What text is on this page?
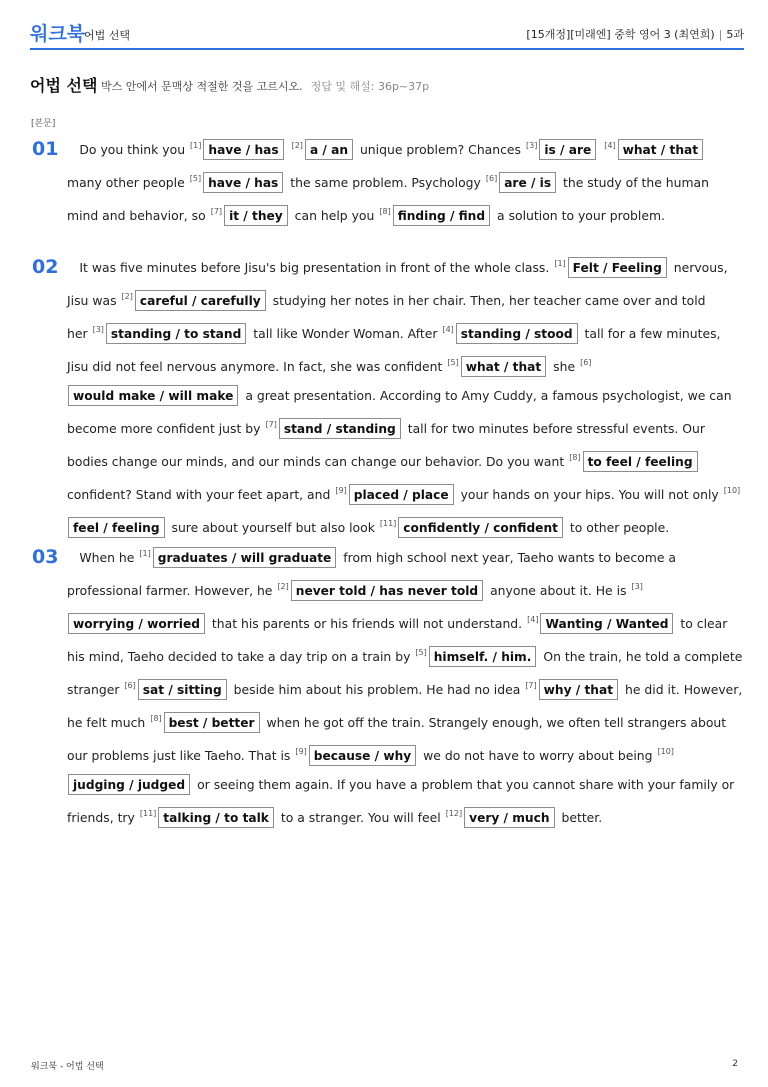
워크북
어법 선택	[15개정][미래엔] 중학 영어 3 (최연희) | 5과
어법 선택 박스 안에서 문맥상 적절한 것을 고르시오. 정답 및 해설: 36p~37p
[본문]
01
 	Do you think you [1] have / has [2] a / an unique problem? Chances [3] is / are [4] what / that many other people [5] have / has the same problem. Psychology [6] are / is the study of the human mind and behavior, so [7] it / they can help you [8] finding / find a solution to your problem.
02
 	It was five minutes before Jisu's big presentation in front of the whole class. [1] Felt / Feeling nervous, Jisu was [2] careful / carefully studying her notes in her chair. Then, her teacher came over and told her [3] standing / to stand tall like Wonder Woman. After [4] standing / stood tall for a few minutes, Jisu did not feel nervous anymore. In fact, she was confident [5] what / that she [6]would make / will make a great presentation. According to Amy Cuddy, a famous psychologist, we can become more confident just by [7] stand / standing tall for two minutes before stressful events. Our bodies change our minds, and our minds can change our behavior. Do you want [8] to feel / feeling confident? Stand with your feet apart, and [9] placed / place your hands on your hips. You will not only [10]feel / feeling sure about yourself but also look [11] confidently / confident to other people.
03
 	When he [1] graduates / will graduate from high school next year, Taeho wants to become a professional farmer. However, he [2] never told / has never told anyone about it. He is [3]worrying / worried that his parents or his friends will not understand. [4] Wanting / Wanted to clear his mind, Taeho decided to take a day trip on a train by [5] himself. / him. On the train, he told a complete stranger [6] sat / sitting beside him about his problem. He had no idea [7] why / that he did it. However, he felt much [8] best / better when he got off the train. Strangely enough, we often tell strangers about our problems just like Taeho. That is [9] because / why we do not have to worry about being [10]judging / judged or seeing them again. If you have a problem that you cannot share with your family or friends, try [11] talking / to talk to a stranger. You will feel [12] very / much better.
워크북 - 어법 선택	2
